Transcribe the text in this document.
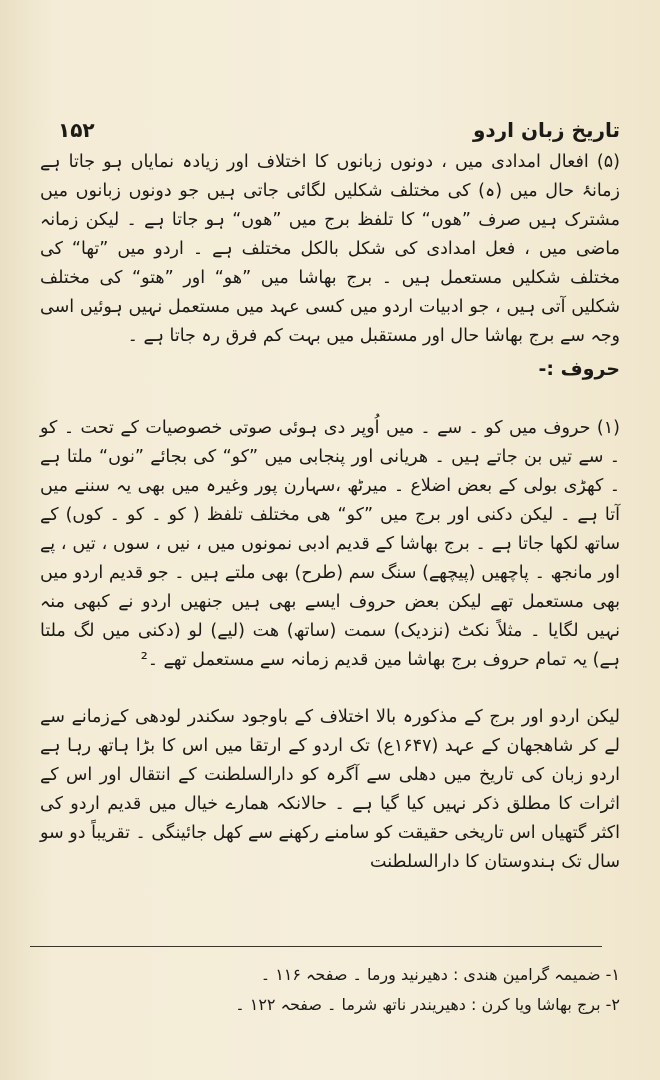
۱۵۲	تاریخ زبان اردو

(۵) افعال امدادی میں ، دونوں زبانوں کا اختلاف اور زیادہ نمایاں ہو جاتا ہے زمانۂ حال میں (ہ) کی مختلف شکلیں لگائی جاتی ہیں جو دونوں زبانوں میں مشترک ہیں صرف ”ھوں“ کا تلفظ برج میں ”ھوں“ ہو جاتا ہے ۔ لیکن زمانہ ماضی میں ، فعل امدادی کی شکل بالکل مختلف ہے ۔ اردو میں ”تھا“ کی مختلف شکلیں مستعمل ہیں ۔ برج بھاشا میں ”ھو“ اور ”ھتو“ کی مختلف شکلیں آتی ہیں ، جو ادبیات اردو میں کسی عہد میں مستعمل نہیں ہوئیں اسی وجہ سے برج بھاشا حال اور مستقبل میں بہت کم فرق رہ جاتا ہے ۔

حروف :-

(۱) حروف میں کو ۔ سے ۔ میں اُوپر دی ہوئی صوتی خصوصیات کے تحت ۔ کو ۔ سے تیں بن جاتے ہیں ۔ ھریانی اور پنجابی میں ”کو“ کی بجائے ”نوں“ ملتا ہے ۔ کھڑی بولی کے بعض اضلاع ۔ میرٹھ ،سہارن پور وغیرہ میں بھی یہ سننے میں آتا ہے ۔ لیکن دکنی اور برج میں ”کو“ ھی مختلف تلفظ ( کو ۔ کو ۔ کوں) کے ساتھ لکھا جاتا ہے ۔ برج بھاشا کے قدیم ادبی نمونوں میں ، نیں ، سوں ، تیں ، پے اور مانجھ ۔ پاچھیں (پیچھے) سنگ سم (طرح) بھی ملتے ہیں ۔ جو قدیم اردو میں بھی مستعمل تھے لیکن بعض حروف ایسے بھی ہیں جنھیں اردو نے کبھی منہ نہیں لگایا ۔ مثلاً نکٹ (نزدیک) سمت (ساتھ) ھت (لیے) لو (دکنی میں لگ ملتا ہے) یہ تمام حروف برج بھاشا مین قدیم زمانہ سے مستعمل تھے ۔²

لیکن اردو اور برج کے مذکورہ بالا اختلاف کے باوجود سکندر لودھی کےزمانے سے لے کر شاھجھان کے عہد (۱۶۴۷ع) تک اردو کے ارتقا میں اس کا بڑا ہاتھ رہا ہے اردو زبان کی تاریخ میں دھلی سے آگرہ کو دارالسلطنت کے انتقال اور اس کے اثرات کا مطلق ذکر نہیں کیا گیا ہے ۔ حالانکہ ھمارے خیال میں قدیم اردو کی اکثر گتھیاں اس تاریخی حقیقت کو سامنے رکھنے سے کھل جائینگی ۔ تقریباً دو سو سال تک ہندوستان کا دارالسلطنت

۱- ضمیمہ گرامین ھندی : دھیرنید ورما ۔ صفحہ ۱۱۶ ۔
۲- برج بھاشا ویا کرن : دھیریندر ناتھ شرما ۔ صفحہ ۱۲۲ ۔
